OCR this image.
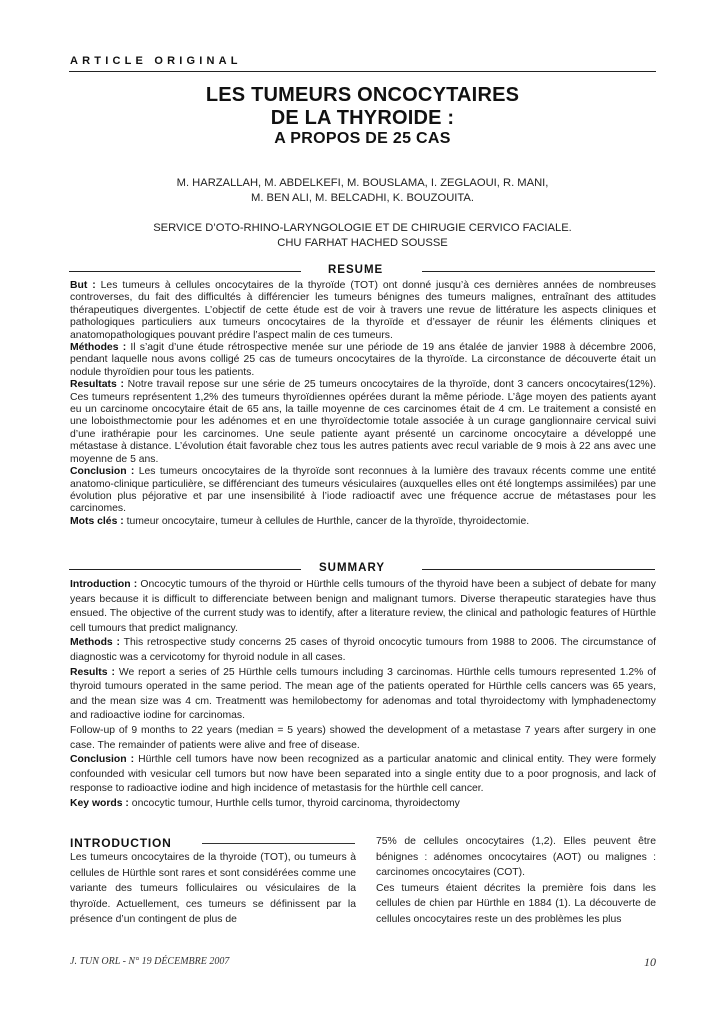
ARTICLE ORIGINAL
LES TUMEURS ONCOCYTAIRES
DE LA THYROIDE :
A PROPOS DE 25 CAS
M. HARZALLAH, M. ABDELKEFI, M. BOUSLAMA, I. ZEGLAOUI, R. MANI,
M. BEN ALI, M. BELCADHI, K. BOUZOUITA.
SERVICE D’OTO-RHINO-LARYNGOLOGIE ET DE CHIRUGIE CERVICO FACIALE.
CHU FARHAT HACHED SOUSSE
RESUME

But : Les tumeurs à cellules oncocytaires de la thyroïde (TOT) ont donné jusqu’à ces dernières années de nombreuses controverses, du fait des difficultés à différencier les tumeurs bénignes des tumeurs malignes, entraînant des attitudes thérapeutiques divergentes. L’objectif de cette étude est de voir à travers une revue de littérature les aspects cliniques et pathologiques particuliers aux tumeurs oncocytaires de la thyroïde et d’essayer de réunir les éléments cliniques et anatomopathologiques pouvant prédire l’aspect malin de ces tumeurs.

Méthodes : Il s’agit d’une étude rétrospective menée sur une période de 19 ans étalée de janvier 1988 à décembre 2006, pendant laquelle nous avons colligé 25 cas de tumeurs oncocytaires de la thyroïde. La circonstance de découverte était un nodule thyroïdien pour tous les patients.

Resultats : Notre travail repose sur une série de 25 tumeurs oncocytaires de la thyroïde, dont 3 cancers oncocytaires(12%). Ces tumeurs représentent 1,2% des tumeurs thyroïdiennes opérées durant la même période. L’âge moyen des patients ayant eu un carcinome oncocytaire était de 65 ans, la taille moyenne de ces carcinomes était de 4 cm. Le traitement a consisté en une loboisthmectomie pour les adénomes et en une thyroïdectomie totale associée à un curage ganglionnaire cervical suivi d’une irathérapie pour les carcinomes. Une seule patiente ayant présenté un carcinome oncocytaire a développé une métastase à distance. L’évolution était favorable chez tous les autres patients avec recul variable de 9 mois à 22 ans avec une moyenne de 5 ans.

Conclusion : Les tumeurs oncocytaires de la thyroïde sont reconnues à la lumière des travaux récents comme une entité anatomo-clinique particulière, se différenciant des tumeurs vésiculaires (auxquelles elles ont été longtemps assimilées) par une évolution plus péjorative et par une insensibilité à l’iode radioactif avec une fréquence accrue de métastases pour les carcinomes.

Mots clés : tumeur oncocytaire, tumeur à cellules de Hurthle, cancer de la thyroïde, thyroidectomie.

SUMMARY

Introduction : Oncocytic tumours of the thyroid or Hürthle cells tumours of the thyroid have been a subject of debate for many years because it is difficult to differenciate between benign and malignant tumors. Diverse therapeutic starategies have thus ensued. The objective of the current study was to identify, after a literature review, the clinical and pathologic features of Hürthle cell tumours that predict malignancy.

Methods : This retrospective study concerns 25 cases of thyroid oncocytic tumours from 1988 to 2006. The circumstance of diagnostic was a cervicotomy for thyroid nodule in all cases.

Results : We report a series of 25 Hürthle cells tumours including 3 carcinomas. Hürthle cells tumours represented 1.2% of thyroid tumours operated in the same period. The mean age of the patients operated for Hürthle cells cancers was 65 years, and the mean size was 4 cm. Treatmentt was hemilobectomy for adenomas and total thyroidectomy with lymphadenectomy and radioactive iodine for carcinomas.

Follow-up of 9 months to 22 years (median = 5 years) showed the development of a metastase 7 years after surgery in one case. The remainder of patients were alive and free of disease.

Conclusion : Hürthle cell tumors have now been recognized as a particular anatomic and clinical entity. They were formely confounded with vesicular cell tumors but now have been separated into a single entity due to a poor prognosis, and lack of response to radioactive iodine and high incidence of metastasis for the hürthle cell cancer.

Key words : oncocytic tumour, Hurthle cells tumor, thyroid carcinoma, thyroidectomy

INTRODUCTION

Les tumeurs oncocytaires de la thyroide (TOT), ou tumeurs à cellules de Hürthle sont rares et sont considérées comme une variante des tumeurs folliculaires ou vésiculaires de la thyroïde. Actuellement, ces tumeurs se définissent par la présence d’un contingent de plus de

75% de cellules oncocytaires (1,2). Elles peuvent être bénignes : adénomes oncocytaires (AOT) ou malignes : carcinomes oncocytaires (COT).

Ces tumeurs étaient décrites la première fois dans les cellules de chien par Hürthle en 1884 (1). La découverte de cellules oncocytaires reste un des problèmes les plus

J. TUN ORL - N° 19 DÉCEMBRE 2007	10
